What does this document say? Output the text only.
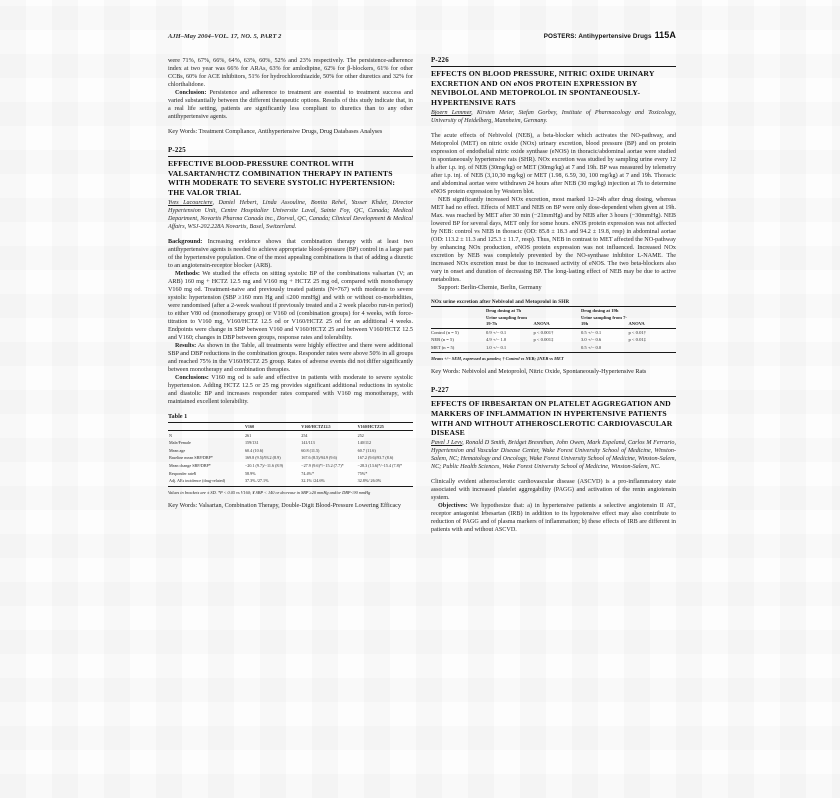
AJH–May 2004–VOL. 17, NO. 5, PART 2	POSTERS: Antihypertensive Drugs 115A
were 71%, 67%, 66%, 64%, 63%, 60%, 52% and 23% respectively. The persistence-adherence index at two year was 66% for ARAs, 63% for amlodipine, 62% for β-blockers, 61% for other CCBs, 60% for ACE inhibitors, 51% for hydrochlorothiazide, 50% for other diuretics and 32% for chlorthalidone.
Conclusion: Persistence and adherence to treatment are essential to treatment success and varied substantially between the different therapeutic options. Results of this study indicate that, in a real life setting, patients are significantly less compliant to diuretics than to any other antihypertensive agents.
Key Words: Treatment Compliance, Antihypertensive Drugs, Drug Databases Analyses
P-225
EFFECTIVE BLOOD-PRESSURE CONTROL WITH VALSARTAN/HCTZ COMBINATION THERAPY IN PATIENTS WITH MODERATE TO SEVERE SYSTOLIC HYPERTENSION: THE VALOR TRIAL
Yves Lacourciere, Daniel Hebert, Linda Assouline, Bonita Rehel, Yasser Khder, Director Hypertension Unit, Centre Hospitalier Universite Laval, Sainte Foy, QC, Canada; Medical Department, Novartis Pharma Canada inc., Dorval, QC, Canada; Clinical Development & Medical Affairs, WSJ-202.228A Novartis, Basel, Switzerland.
Background: Increasing evidence shows that combination therapy with at least two antihypertensive agents is needed to achieve appropriate blood-pressure (BP) control in a large part of the hypertensive population. One of the most appealing combinations is that of adding a diuretic to an angiotensin-receptor blocker (ARB).
Methods: We studied the effects on sitting systolic BP of the combinations valsartan (V; an ARB) 160 mg + HCTZ 12.5 mg and V160 mg + HCTZ 25 mg od, compared with monotherapy V160 mg od. Treatment-naive and previously treated patients (N=767) with moderate to severe systolic hypertension (SBP ≥160 mm Hg and ≤200 mmHg) and with or without co-morbidities, were randomised (after a 2-week washout if previously treated and a 2 week placebo run-in period) to either V80 od (monotherapy group) or V160 od (combination groups) for 4 weeks, with force-titration to V160 mg, V160/HCTZ 12.5 od or V160/HCTZ 25 od for an additional 4 weeks. Endpoints were change in SBP between V160 and V160/HCTZ 25 and between V160/HCTZ 12.5 and V160; changes in DBP between groups, response rates and tolerability.
Results: As shown in the Table, all treatments were highly effective and there were additional SBP and DBP reductions in the combination groups. Responder rates were above 50% in all groups and reached 75% in the V160/HCTZ 25 group. Rates of adverse events did not differ significantly between monotherapy and combination therapies.
Conclusions: V160 mg od is safe and effective in patients with moderate to severe systolic hypertension. Adding HCTZ 12.5 or 25 mg provides significant additional reductions in systolic and diastolic BP and increases responder rates compared with V160 mg monotherapy, with maintained excellent tolerability.
Table 1
	V160	V160/HCTZ12.5	V160/HCTZ25
N	261	254	252
Male/Female	159/131	141/113	140/112
Mean age	60.4 (10.6)	60.8 (11.5)	60.7 (11.6)
Baseline mean SBP/DBP*	169.8 (9.5)/93.2 (8.9)	167.6 (8.5)/94.9 (9.6)	167.2 (9.6)/93.7 (8.6)
Mean change SBP/DBP*	−20.1 (9.7)/−11.6 (8.9)	−27.9 (9.6)*/−15.2 (7.7)*	−28.3 (13.6)*/−15.4 (7.8)*
Responder rate¥	58.9%	74.4%*	75%*
Adj. AEs incidence (drug-related)	37.3% /27.1%	32.1% /24.6%	32.8%/ 26.0%
Values in brackets are ± SD. *P < 0.05 vs V160; ¥ SBP < 140 or decrease in SBP ≥20 mmHg and/or DBP<90 mmHg
Key Words: Valsartan, Combination Therapy, Double-Digit Blood-Pressure Lowering Efficacy
P-226
EFFECTS ON BLOOD PRESSURE, NITRIC OXIDE URINARY EXCRETION AND ON eNOS PROTEIN EXPRESSION BY NEVIBOLOL AND METOPROLOL IN SPONTANEOUSLY-HYPERTENSIVE RATS
Bjoern Lemmer, Kirsten Meier, Stefan Gorbey, Institute of Pharmacology and Toxicology, University of Heidelberg, Mannheim, Germany.
The acute effects of Nebivolol (NEB), a beta-blocker which activates the NO-pathway, and Metoprolol (MET) on nitric oxide (NOx) urinary excretion, blood pressure (BP) and on protein expression of endothelial nitric oxide synthase (eNOS) in thoracic/abdominal aortae were studied in spontaneously hypertensive rats (SHR). NOx excretion was studied by sampling urine every 12 h after i.p. inj. of NEB (30mg/kg) or MET (30mg/kg) at 7 and 19h. BP was measured by telemetry after i.p. inj. of NEB (3,10,30 mg/kg) or MET (1.98, 6.59, 30, 100 mg/kg) at 7 and 19h. Thoracic and abdominal aortae were withdrawn 24 hours after NEB (30 mg/kg) injection at 7h to determine eNOS protein expression by Western blot.
NEB significantly increased NOx excretion, most marked 12–24h after drug dosing, whereas MET had no effect. Effects of MET and NEB on BP were only dose-dependent when given at 19h. Max. was reached by MET after 30 min (−21mmHg) and by NEB after 3 hours (−30mmHg). NEB lowered BP for several days, MET only for some hours. eNOS protein expression was not affected by NEB: control vs NEB in thoracic (OD: 85.8 ± 18.3 and 94.2 ± 19.8, resp) in abdominal aortae (OD: 113.2 ± 11.3 and 125.3 ± 11.7, resp). Thus, NEB in contrast to MET affected the NO-pathway by enhancing NOx production, eNOS protein expression was not influenced. Increased NOx excretion by NEB was completely prevented by the NO-synthase inhibitor L-NAME. The increased NOx excretion must be due to increased activity of eNOS. The two beta-blockers also vary in onset and duration of decreasing BP. The long-lasting effect of NEB may be due to active metabolites.
Support: Berlin-Chemie, Berlin, Germany
NOx urine excretion after Nebivolol and Metoprolol in SHR
	Drug dosing at 7h		Drug dosing at 19h	
	Urine sampling from 19-7h	ANOVA	Urine sampling from 7-19h	ANOVA
Control (n = 5)	0.9 +/− 0.1	p < 0.001†	0.5 +/− 0.1	p < 0.01†
NEB (n = 5)	4.9 +/− 1.0	p < 0.001‡	3.0 +/− 0.6	p < 0.01‡
MET (n = 5)	1.0 +/− 0.1		0.5 +/− 0.0	
Means +/− SEM, expressed as μmoles; † Control vs NEB; ‡NEB vs MET
Key Words: Nebivolol and Metoprolol, Nitric Oxide, Spontaneously-Hypertensive Rats
P-227
EFFECTS OF IRBESARTAN ON PLATELET AGGREGATION AND MARKERS OF INFLAMMATION IN HYPERTENSIVE PATIENTS WITH AND WITHOUT ATHEROSCLEROTIC CARDIOVASCULAR DISEASE
Pavel J Levy, Ronald D Smith, Bridget Bresnihan, John Owen, Mark Espeland, Carlos M Ferrario, Hypertension and Vascular Disease Center, Wake Forest University School of Medicine, Winston-Salem, NC; Hematology and Oncology, Wake Forest University School of Medicine, Winston-Salem, NC; Public Health Sciences, Wake Forest University School of Medicine, Winston-Salem, NC.
Clinically evident atherosclerotic cardiovascular disease (ASCVD) is a pro-inflammatory state associated with increased platelet aggregability (PAGG) and activation of the renin angiotensin system.
Objectives: We hypothesize that: a) in hypertensive patients a selective angiotensin II AT₁ receptor antagonist Irbesartan (IRB) in addition to its hypotensive effect may also contribute to reduction of PAGG and of plasma markers of inflammation; b) these effects of IRB are different in patients with and without ASCVD.
